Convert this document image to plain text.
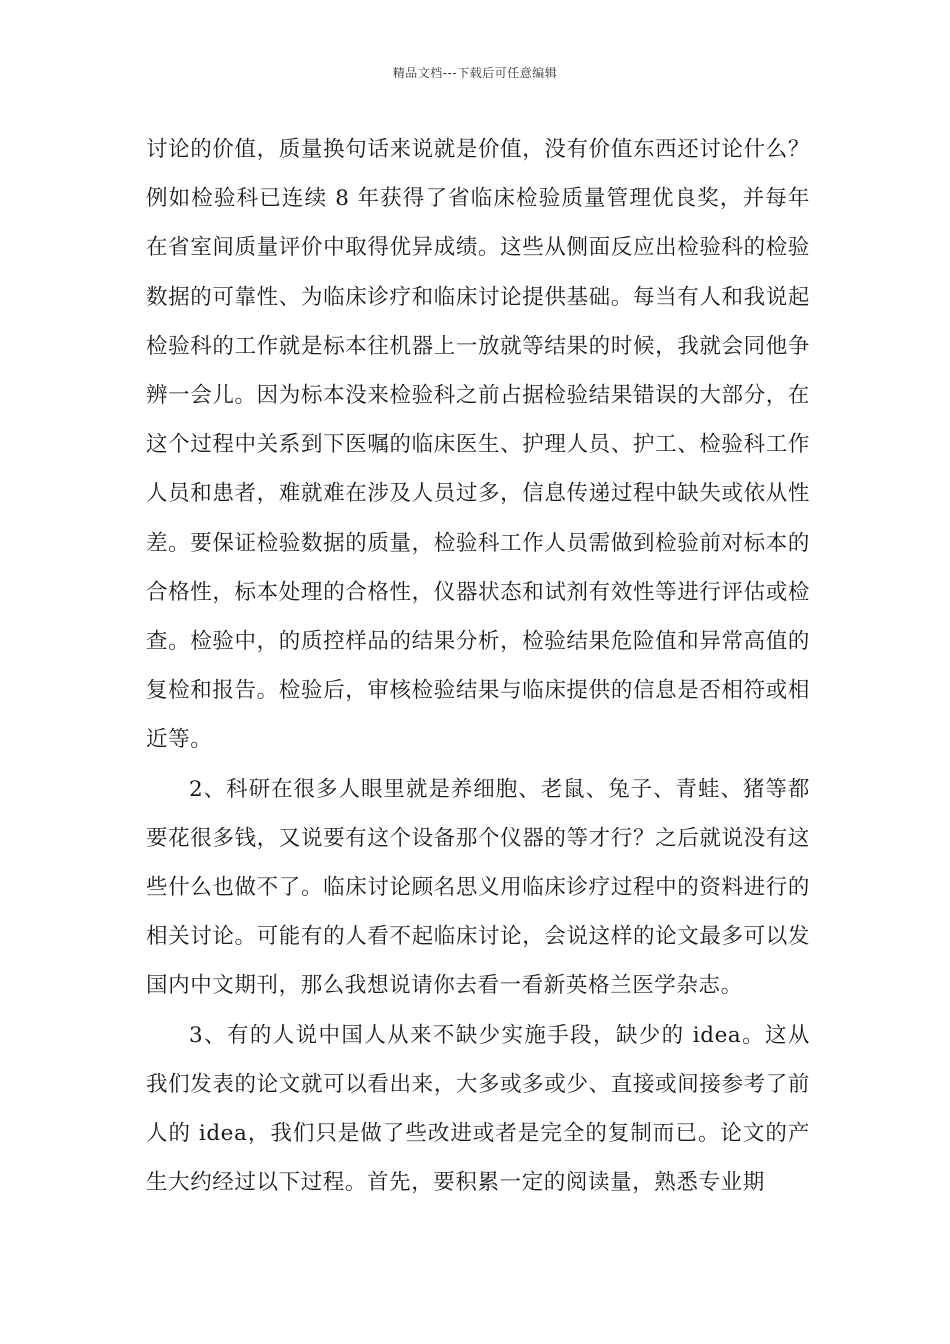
精品文档---下载后可任意编辑

讨论的价值，质量换句话来说就是价值，没有价值东西还讨论什么？例如检验科已连续 8 年获得了省临床检验质量管理优良奖，并每年在省室间质量评价中取得优异成绩。这些从侧面反应出检验科的检验数据的可靠性、为临床诊疗和临床讨论提供基础。每当有人和我说起检验科的工作就是标本往机器上一放就等结果的时候，我就会同他争辨一会儿。因为标本没来检验科之前占据检验结果错误的大部分，在这个过程中关系到下医嘱的临床医生、护理人员、护工、检验科工作人员和患者，难就难在涉及人员过多，信息传递过程中缺失或依从性差。要保证检验数据的质量，检验科工作人员需做到检验前对标本的合格性，标本处理的合格性，仪器状态和试剂有效性等进行评估或检查。检验中，的质控样品的结果分析，检验结果危险值和异常高值的复检和报告。检验后，审核检验结果与临床提供的信息是否相符或相近等。

2、科研在很多人眼里就是养细胞、老鼠、兔子、青蛙、猪等都要花很多钱，又说要有这个设备那个仪器的等才行？之后就说没有这些什么也做不了。临床讨论顾名思义用临床诊疗过程中的资料进行的相关讨论。可能有的人看不起临床讨论，会说这样的论文最多可以发国内中文期刊，那么我想说请你去看一看新英格兰医学杂志。

3、有的人说中国人从来不缺少实施手段，缺少的 idea。这从我们发表的论文就可以看出来，大多或多或少、直接或间接参考了前人的 idea，我们只是做了些改进或者是完全的复制而已。论文的产生大约经过以下过程。首先，要积累一定的阅读量，熟悉专业期
